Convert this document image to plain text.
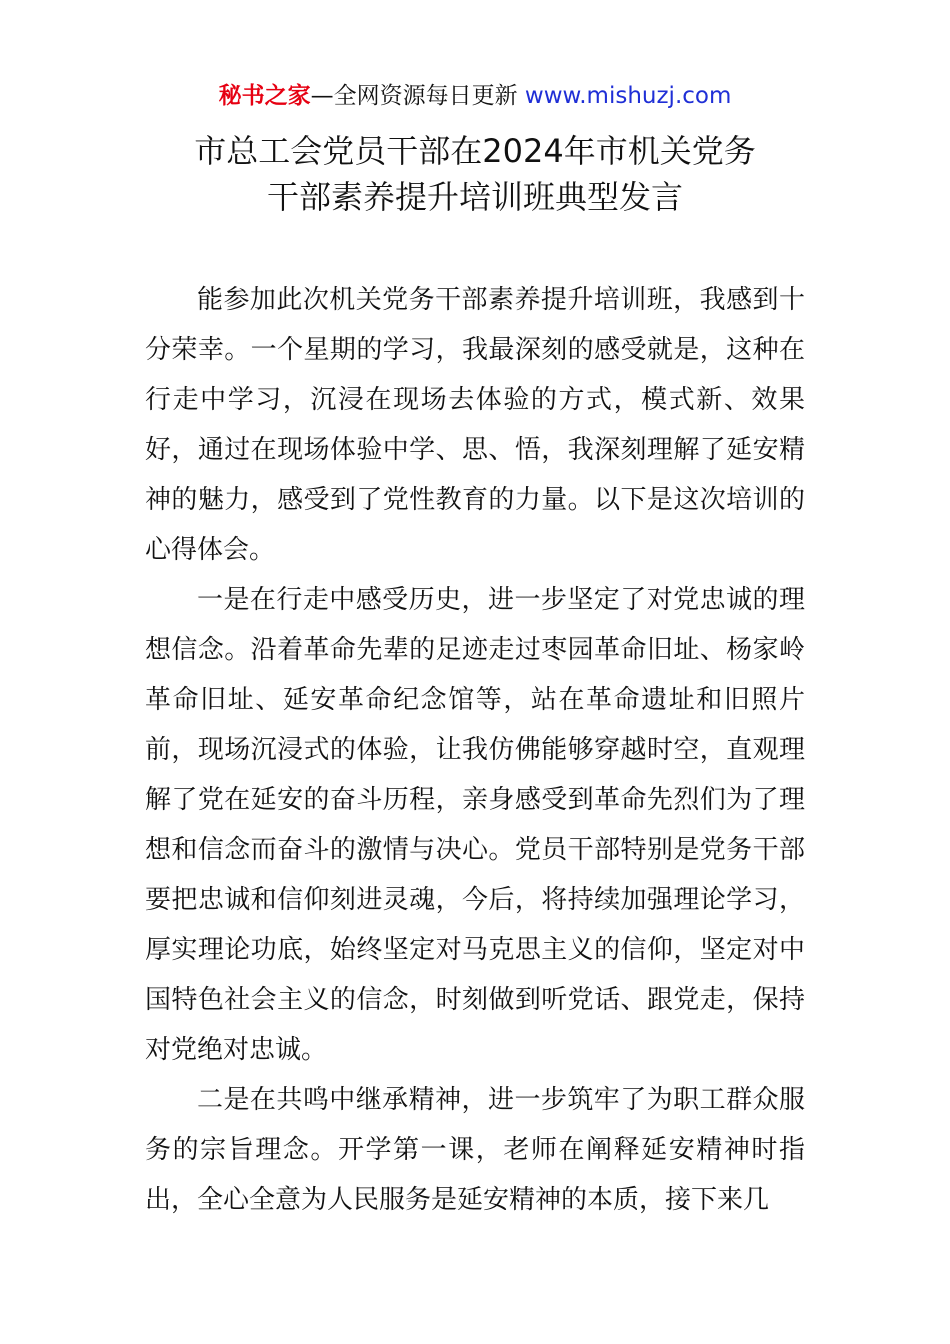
秘书之家—全网资源每日更新 www.mishuzj.com
市总工会党员干部在2024年市机关党务
干部素养提升培训班典型发言

能参加此次机关党务干部素养提升培训班，我感到十分荣幸。一个星期的学习，我最深刻的感受就是，这种在行走中学习，沉浸在现场去体验的方式，模式新、效果好，通过在现场体验中学、思、悟，我深刻理解了延安精神的魅力，感受到了党性教育的力量。以下是这次培训的心得体会。

一是在行走中感受历史，进一步坚定了对党忠诚的理想信念。沿着革命先辈的足迹走过枣园革命旧址、杨家岭革命旧址、延安革命纪念馆等，站在革命遗址和旧照片前，现场沉浸式的体验，让我仿佛能够穿越时空，直观理解了党在延安的奋斗历程，亲身感受到革命先烈们为了理想和信念而奋斗的激情与决心。党员干部特别是党务干部要把忠诚和信仰刻进灵魂，今后，将持续加强理论学习，厚实理论功底，始终坚定对马克思主义的信仰，坚定对中国特色社会主义的信念，时刻做到听党话、跟党走，保持对党绝对忠诚。

二是在共鸣中继承精神，进一步筑牢了为职工群众服务的宗旨理念。开学第一课，老师在阐释延安精神时指出，全心全意为人民服务是延安精神的本质，接下来几
